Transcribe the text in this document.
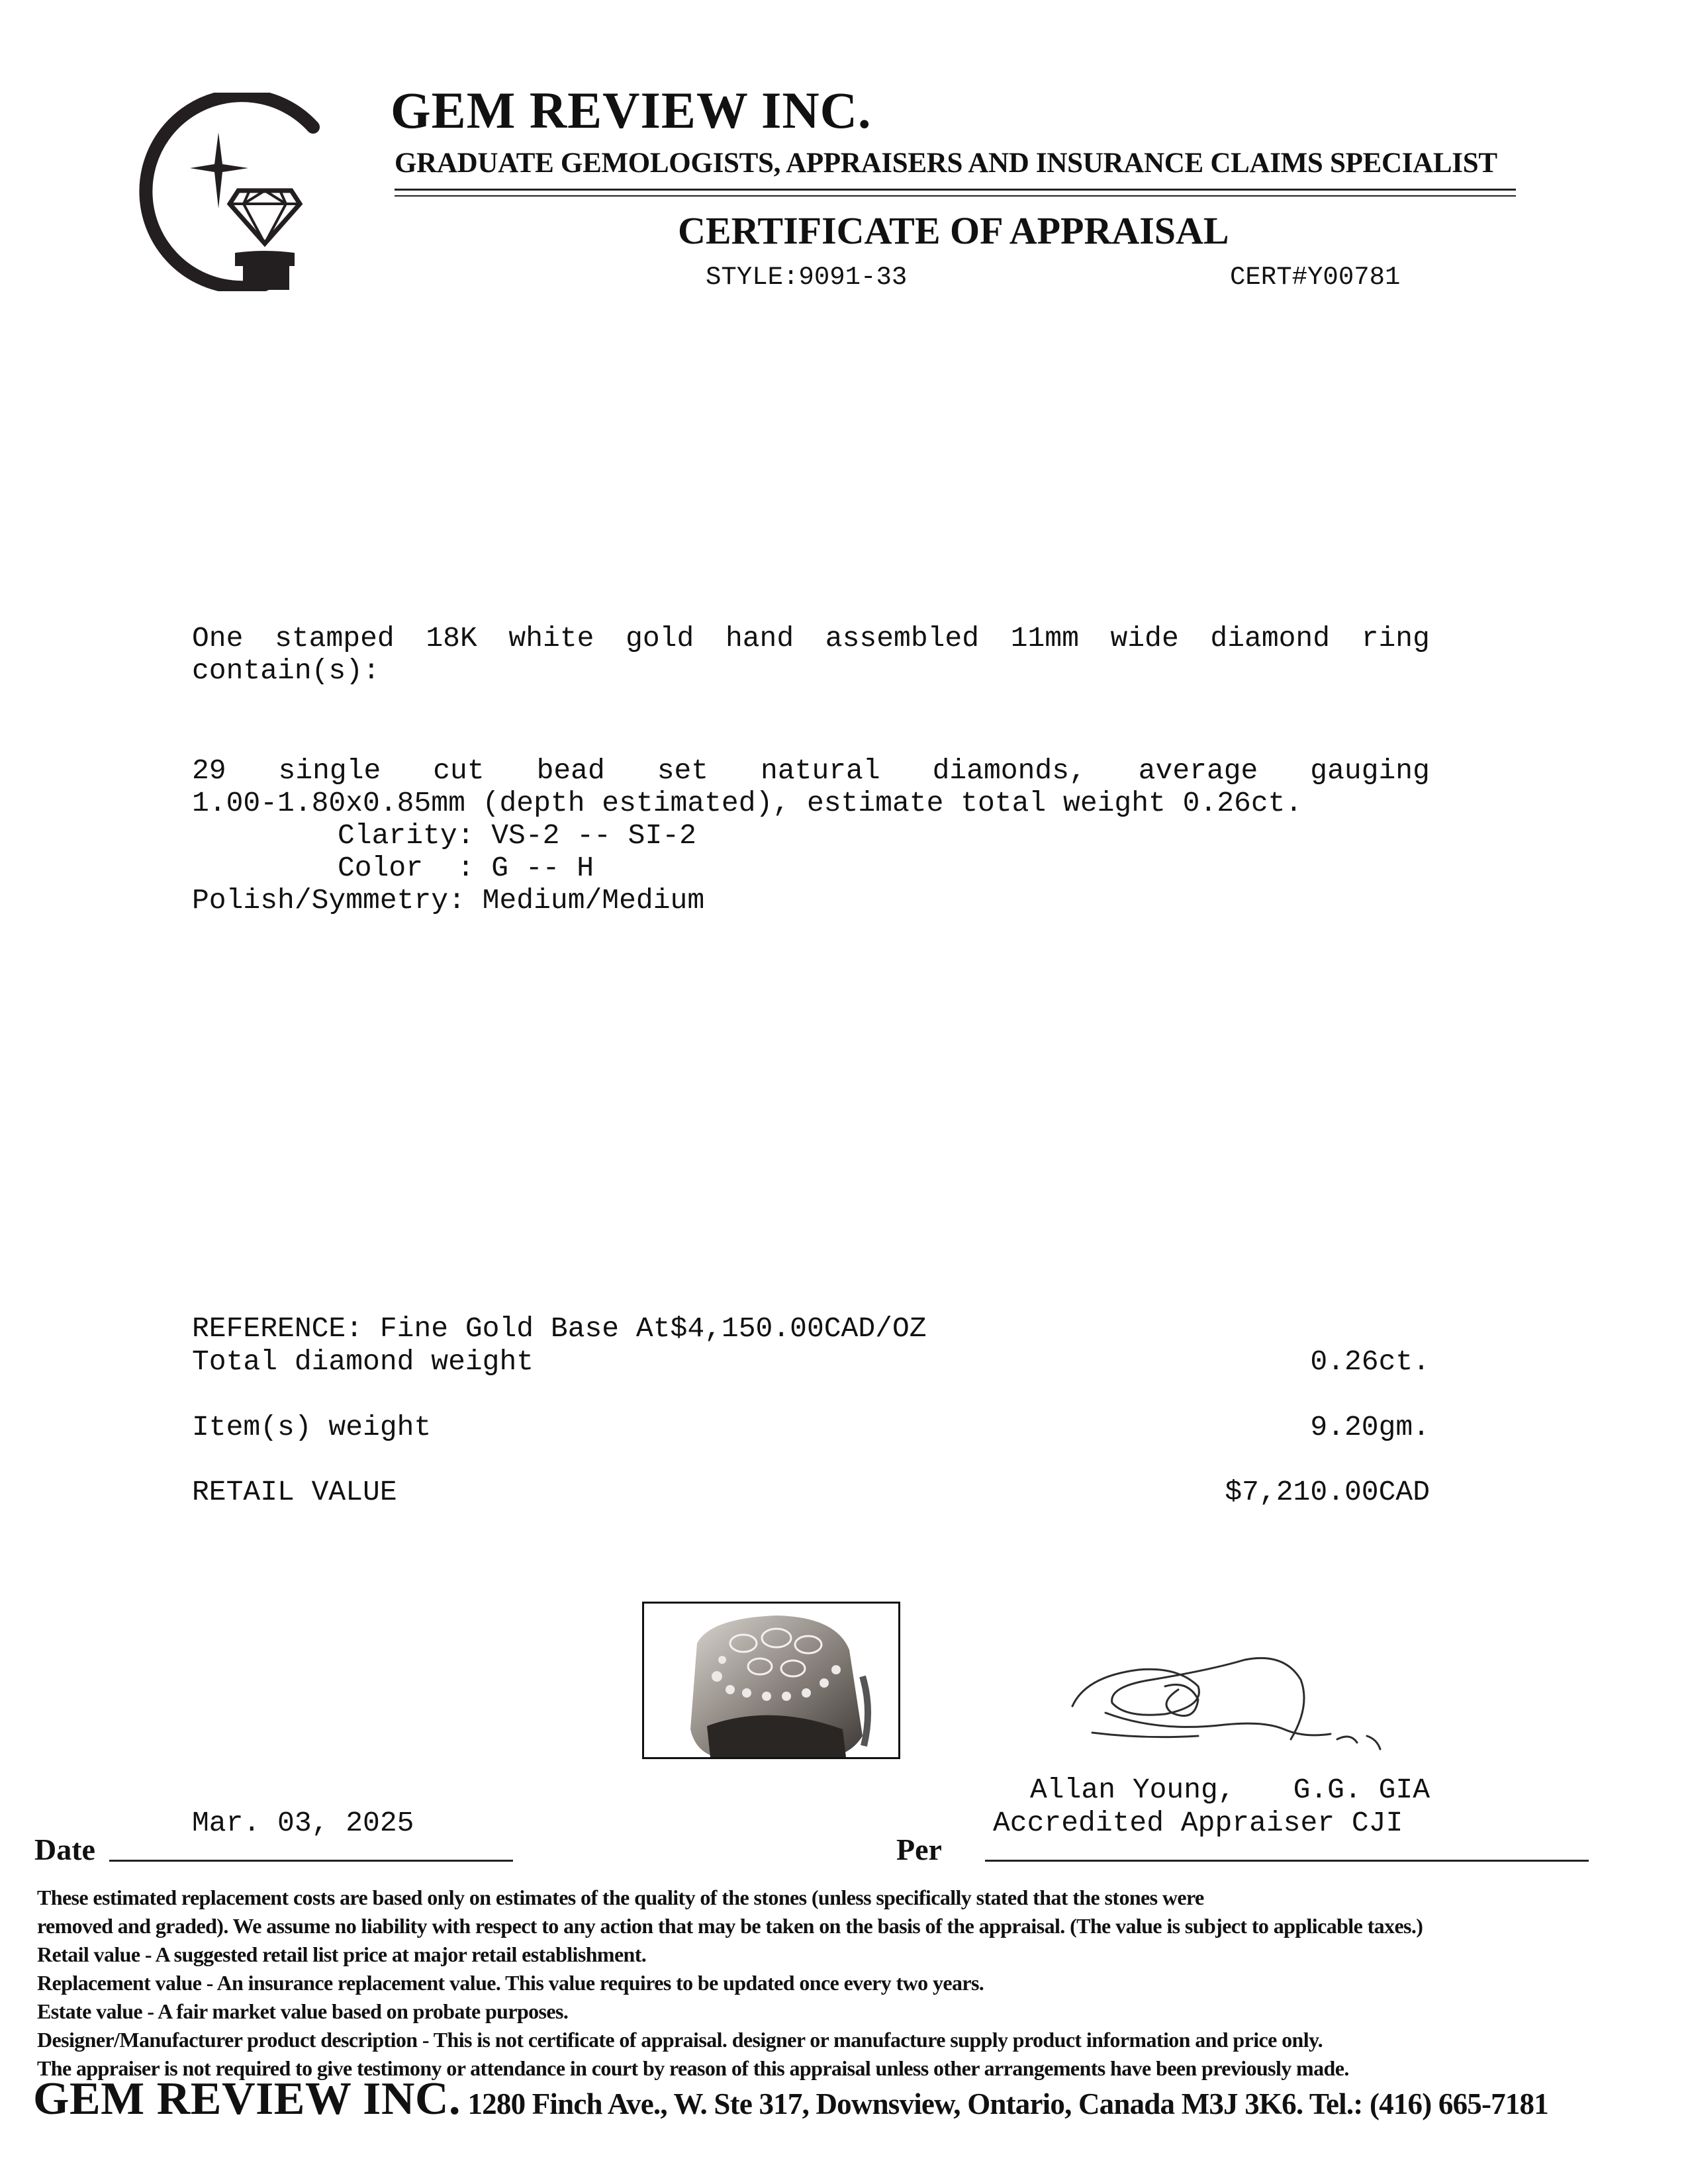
GEM REVIEW INC.
GRADUATE GEMOLOGISTS, APPRAISERS AND INSURANCE CLAIMS SPECIALIST
CERTIFICATE OF APPRAISAL
STYLE:9091-33	CERT#Y00781
One stamped 18K white gold hand assembled 11mm wide diamond ring
contain(s):
29 single cut bead set natural diamonds, average gauging
1.00-1.80x0.85mm (depth estimated), estimate total weight 0.26ct.
Clarity: VS-2 -- SI-2
Color  : G -- H
Polish/Symmetry: Medium/Medium
REFERENCE: Fine Gold Base At$4,150.00CAD/OZ
Total diamond weight	0.26ct.
Item(s) weight	9.20gm.
RETAIL VALUE	$7,210.00CAD
Allan Young, G.G. GIA
Accredited Appraiser CJI
Mar. 03, 2025
Date	Per
These estimated replacement costs are based only on estimates of the quality of the stones (unless specifically stated that the stones were
removed and graded). We assume no liability with respect to any action that may be taken on the basis of the appraisal. (The value is subject to applicable taxes.)
Retail value - A suggested retail list price at major retail establishment.
Replacement value - An insurance replacement value. This value requires to be updated once every two years.
Estate value - A fair market value based on probate purposes.
Designer/Manufacturer product description - This is not certificate of appraisal. designer or manufacture supply product information and price only.
The appraiser is not required to give testimony or attendance in court by reason of this appraisal unless other arrangements have been previously made.
GEM REVIEW INC. 1280 Finch Ave., W. Ste 317, Downsview, Ontario, Canada M3J 3K6. Tel.: (416) 665-7181
